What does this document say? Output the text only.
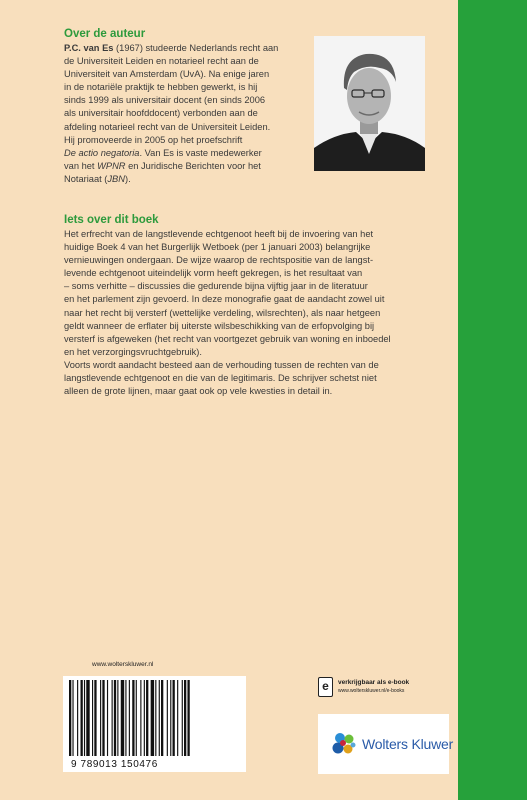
Over de auteur

P.C. van Es (1967) studeerde Nederlands recht aan

de Universiteit Leiden en notarieel recht aan de

Universiteit van Amsterdam (UvA). Na enige jaren

in de notariële praktijk te hebben gewerkt, is hij

sinds 1999 als universitair docent (en sinds 2006

als universitair hoofddocent) verbonden aan de

afdeling notarieel recht van de Universiteit Leiden.

Hij promoveerde in 2005 op het proefschrift

De actio negatoria. Van Es is vaste medewerker

van het WPNR en Juridische Berichten voor het

Notariaat (JBN).

Iets over dit boek

Het erfrecht van de langstlevende echtgenoot heeft bij de invoering van het

huidige Boek 4 van het Burgerlijk Wetboek (per 1 januari 2003) belangrijke

vernieuwingen ondergaan. De wijze waarop de rechtspositie van de langst-

levende echtgenoot uiteindelijk vorm heeft gekregen, is het resultaat van

– soms verhitte – discussies die gedurende bijna vijftig jaar in de literatuur

en het parlement zijn gevoerd. In deze monografie gaat de aandacht zowel uit

naar het recht bij versterf (wettelijke verdeling, wilsrechten), als naar hetgeen

geldt wanneer de erflater bij uiterste wilsbeschikking van de erfopvolging bij

versterf is afgeweken (het recht van voortgezet gebruik van woning en inboedel

en het verzorgingsvruchtgebruik).

Voorts wordt aandacht besteed aan de verhouding tussen de rechten van de

langstlevende echtgenoot en die van de legitimaris. De schrijver schetst niet

alleen de grote lijnen, maar gaat ook op vele kwesties in detail in.

www.wolterskluwer.nl

9 789013 150476
e	verkrijgbaar als e-book

www.wolterskluwer.nl/e-books

Wolters Kluwer
